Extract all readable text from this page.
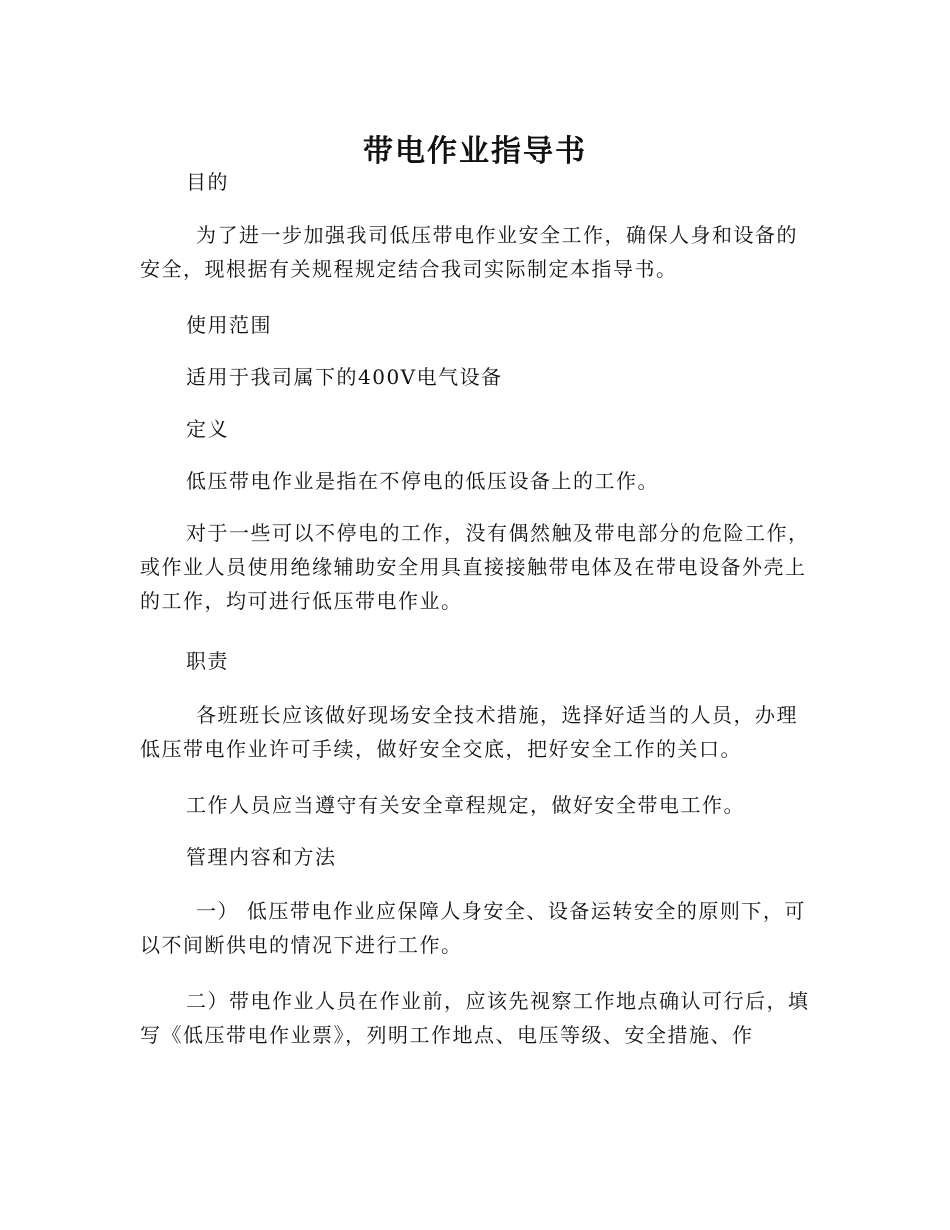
带电作业指导书

目的

为了进一步加强我司低压带电作业安全工作，确保人身和设备的安全，现根据有关规程规定结合我司实际制定本指导书。

使用范围

适用于我司属下的400V电气设备

定义

低压带电作业是指在不停电的低压设备上的工作。

对于一些可以不停电的工作，没有偶然触及带电部分的危险工作，或作业人员使用绝缘辅助安全用具直接接触带电体及在带电设备外壳上的工作，均可进行低压带电作业。

职责

各班班长应该做好现场安全技术措施，选择好适当的人员，办理低压带电作业许可手续，做好安全交底，把好安全工作的关口。

工作人员应当遵守有关安全章程规定，做好安全带电工作。

管理内容和方法

一） 低压带电作业应保障人身安全、设备运转安全的原则下，可以不间断供电的情况下进行工作。

二）带电作业人员在作业前，应该先视察工作地点确认可行后，填写《低压带电作业票》，列明工作地点、电压等级、安全措施、作
